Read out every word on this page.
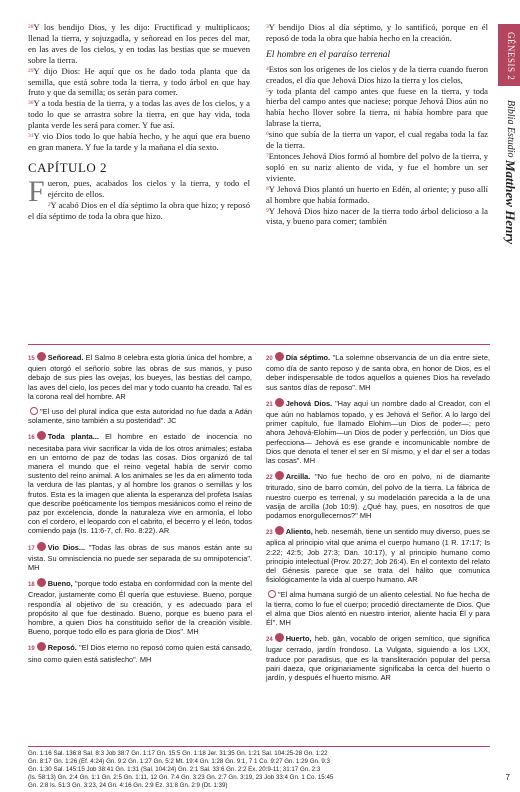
GÉNESIS 2
Biblia Estudio Matthew Henry

$^{28}$Y los bendijo Dios, y les dijo: Fructificad y multiplicaos; llenad la tierra, y sojuzgadla, y señoread en los peces del mar, en las aves de los cielos, y en todas las bestias que se mueven sobre la tierra.

$^{29}$Y dijo Dios: He aquí que os he dado toda planta que da semilla, que está sobre toda la tierra, y todo árbol en que hay fruto y que da semilla; os serán para comer.

$^{30}$Y a toda bestia de la tierra, y a todas las aves de los cielos, y a todo lo que se arrastra sobre la tierra, en que hay vida, toda planta verde les será para comer. Y fue así.

$^{31}$Y vio Dios todo lo que había hecho, y he aquí que era bueno en gran manera. Y fue la tarde y la mañana el día sexto.

CAPÍTULO 2

Fueron, pues, acabados los cielos y la tierra, y todo el ejército de ellos.

$^2$Y acabó Dios en el día séptimo la obra que hizo; y reposó el día séptimo de toda la obra que hizo.

$^3$Y bendijo Dios al día séptimo, y lo santificó, porque en él reposó de toda la obra que había hecho en la creación.

El hombre en el paraíso terrenal

$^4$Estos son los orígenes de los cielos y de la tierra cuando fueron creados, el día que Jehová Dios hizo la tierra y los cielos,

$^5$y toda planta del campo antes que fuese en la tierra, y toda hierba del campo antes que naciese; porque Jehová Dios aún no había hecho llover sobre la tierra, ni había hombre para que labrase la tierra,

$^6$sino que subía de la tierra un vapor, el cual regaba toda la faz de la tierra.

$^7$Entonces Jehová Dios formó al hombre del polvo de la tierra, y sopló en su nariz aliento de vida, y fue el hombre un ser viviente.

$^8$Y Jehová Dios plantó un huerto en Edén, al oriente; y puso allí al hombre que había formado.

$^9$Y Jehová Dios hizo nacer de la tierra todo árbol delicioso a la vista, y bueno para comer; también

15 Señoread. El Salmo 8 celebra esta gloria única del hombre, a quien otorgó el señorío sobre las obras de sus manos, y puso debajo de sus pies las ovejas, los bueyes, las bestias del campo, las aves del cielo, los peces del mar y todo cuanto ha creado. Tal es la corona real del hombre. AR
"El uso del plural indica que esta autoridad no fue dada a Adán solamente, sino también a su posteridad". JC
16 Toda planta... El hombre en estado de inocencia no necesitaba para vivir sacrificar la vida de los otros animales; estaba en un entorno de paz de todas las cosas. Dios organizó de tal manera el mundo que el reino vegetal había de servir como sustento del reino animal. A los animales se les da en alimento toda la verdura de las plantas, y al hombre los granos o semillas y los frutos. Esta es la imagen que alienta la esperanza del profeta Isaías que describe poéticamente los tiempos mesiánicos como el reino de paz por excelencia, donde la naturaleza vive en armonía, el lobo con el cordero, el leopardo con el cabrito, el becerro y el león, todos comiendo paja (Is. 11:6-7, cf. Ro. 8:22). AR
17 Vio Dios... "Todas las obras de sus manos están ante su vista. Su omnisciencia no puede ser separada de su omnipotencia". MH
18 Bueno, "porque todo estaba en conformidad con la mente del Creador, justamente como Él quería que estuviese. Bueno, porque respondía al objetivo de su creación, y es adecuado para el propósito al que fue destinado. Bueno, porque es bueno para el hombre, a quien Dios ha constituido señor de la creación visible. Bueno, porque todo ello es para gloria de Dios". MH
19 Reposó. "El Dios eterno no reposó como quien está cansado, sino como quien está satisfecho". MH
20 Día séptimo. "La solemne observancia de un día entre siete, como día de santo reposo y de santa obra, en honor de Dios, es el deber indispensable de todos aquellos a quienes Dios ha revelado sus santos días de reposo". MH
21 Jehová Dios. "Hay aquí un nombre dado al Creador, con el que aún no hablamos topado, y es Jehová el Señor. A lo largo del primer capítulo, fue llamado Elohim—un Dios de poder—; pero ahora Jehová-Elohim—un Dios de poder y perfección, un Dios que perfecciona— Jehová es ese grande e incomunicable nombre de Dios que denota el tener el ser en Sí mismo, y el dar el ser a todas las cosas". MH
22 Arcilla. "No fue hecho de oro en polvo, ni de diamante triturado, sino de barro común, del polvo de la tierra. La fábrica de nuestro cuerpo es terrenal, y su modelación parecida a la de una vasija de arcilla (Job 10:9). ¿Qué hay, pues, en nosotros de que podamos enorgullecernos?" MH
23 Aliento, heb. nesemáh, tiene un sentido muy diverso, pues se aplica al principio vital que anima el cuerpo humano (1 R. 17:17; Is 2:22; 42:5; Job 27:3; Dan. 10:17), y al principio humano como principio intelectual (Prov. 20:27; Job 26:4). En el contexto del relato del Génesis parece que se trata del hálito que comunica fisiológicamente la vida al cuerpo humano. AR
"El alma humana surgió de un aliento celestial. No fue hecha de la tierra, como lo fue el cuerpo; procedió directamente de Dios. Que el alma que Dios alentó en nuestro interior, aliente hacia Él y para Él". MH
24 Huerto, heb. gān, vocablo de origen semítico, que significa lugar cerrado, jardín frondoso. La Vulgata, siguiendo a los LXX, traduce por paradisus, que es la transliteración popular del persa pairi daeza, que originariamente significaba la cerca del huerto o jardín, y después el huerto mismo. AR
Gn. 1:16 Sal. 136:8 Sal. 8:3 Job 38:7 Gn. 1:17 Gn. 15:5 Gn. 1:18 Jer. 31:35 Gn. 1:21 Sal. 104:25-28 Gn. 1:22
Gn. 8:17 Gn. 1:26 (Ef. 4:24) Gn. 9:2 Gn. 1:27 Gn. 5:2 Mt. 19:4 Gn. 1:28 Gn. 9:1, 7 1 Co. 9:27 Gn. 1:29 Gn. 9:3
Gn. 1:30 Sal. 145:15 Job 38:41 Gn. 1:31 (Sal. 104:24) Gn. 2:1 Sal. 33:6 Gn. 2:2 Ex. 20:9-11; 31:17 Gn. 2:3
(Is. 58:13) Gn. 2:4 Gn. 1:1 Gn. 2:5 Gn. 1:11, 12 Gn. 7:4 Gn. 3:23 Gn. 2:7 Gn. 3:19, 23 Job 33:4 Gn. 1 Co. 15:45
Gn. 2:8 Is. 51:3 Gn. 3:23, 24 Gn. 4:16 Gn. 2:9 Ez. 31:8 Gn. 2:9 (Dt. 1:39)
7
